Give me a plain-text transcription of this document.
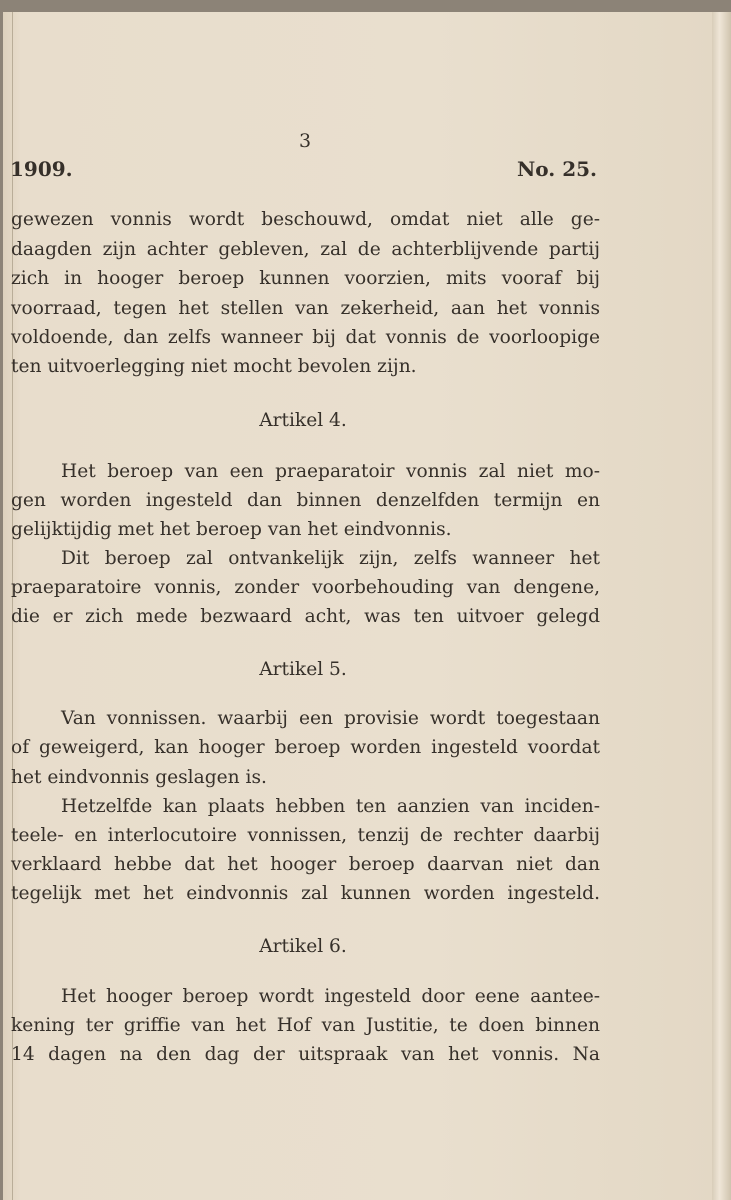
3
1909.	No. 25.
gewezen vonnis wordt beschouwd, omdat niet alle ge-
daagden zijn achter gebleven, zal de achterblijvende partij
zich in hooger beroep kunnen voorzien, mits vooraf bij
voorraad, tegen het stellen van zekerheid, aan het vonnis
voldoende, dan zelfs wanneer bij dat vonnis de voorloopige
ten uitvoerlegging niet mocht bevolen zijn.
Artikel 4.
Het beroep van een praeparatoir vonnis zal niet mo-
gen worden ingesteld dan binnen denzelfden termijn en
gelijktijdig met het beroep van het eindvonnis.
Dit beroep zal ontvankelijk zijn, zelfs wanneer het
praeparatoire vonnis, zonder voorbehouding van dengene,
die er zich mede bezwaard acht, was ten uitvoer gelegd
Artikel 5.
Van vonnissen. waarbij een provisie wordt toegestaan
of geweigerd, kan hooger beroep worden ingesteld voordat
het eindvonnis geslagen is.
Hetzelfde kan plaats hebben ten aanzien van inciden-
teele- en interlocutoire vonnissen, tenzij de rechter daarbij
verklaard hebbe dat het hooger beroep daarvan niet dan
tegelijk met het eindvonnis zal kunnen worden ingesteld.
Artikel 6.
Het hooger beroep wordt ingesteld door eene aantee-
kening ter griffie van het Hof van Justitie, te doen binnen
14 dagen na den dag der uitspraak van het vonnis. Na
